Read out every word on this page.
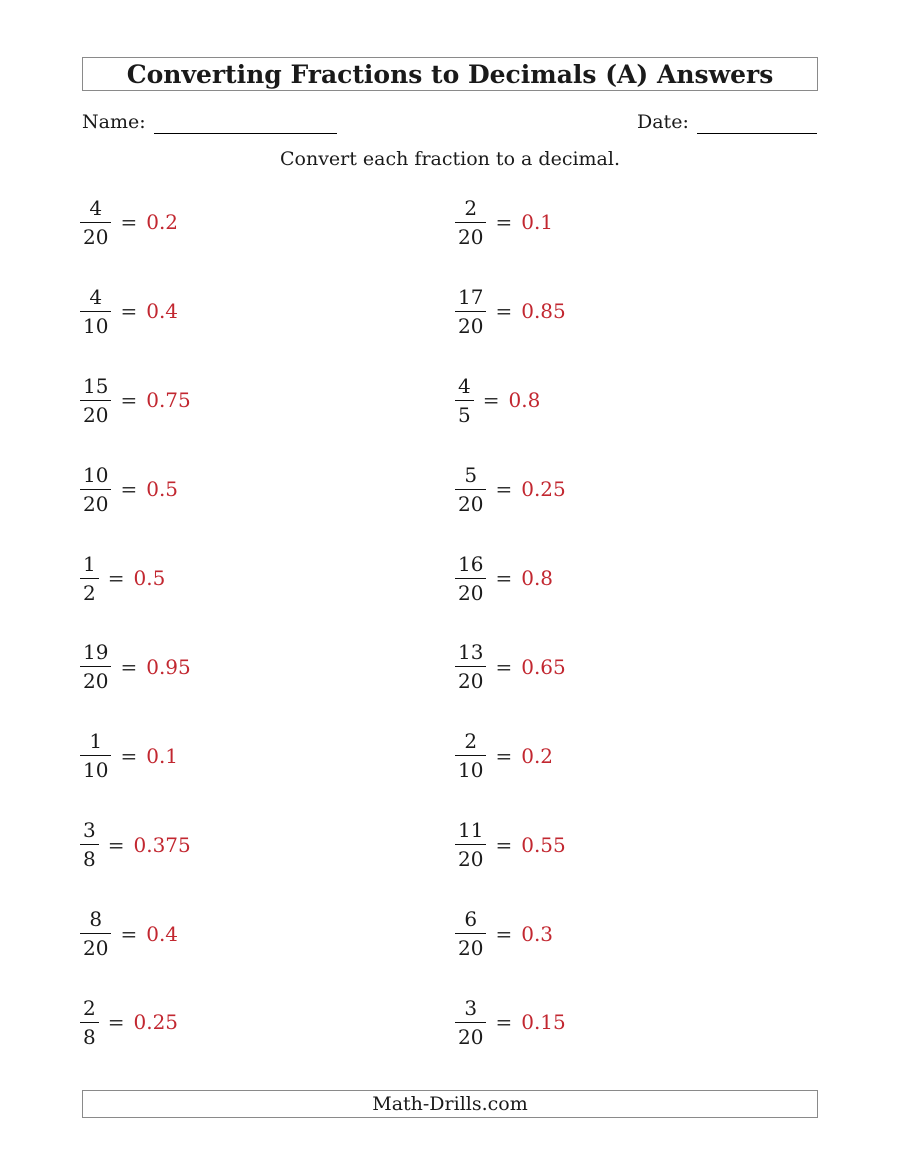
Converting Fractions to Decimals (A) Answers
Name:	Date:
Convert each fraction to a decimal.
$\frac{4}{20} = 0.2$	$\frac{2}{20} = 0.1$
$\frac{4}{10} = 0.4$	$\frac{17}{20} = 0.85$
$\frac{15}{20} = 0.75$	$\frac{4}{5} = 0.8$
$\frac{10}{20} = 0.5$	$\frac{5}{20} = 0.25$
$\frac{1}{2} = 0.5$	$\frac{16}{20} = 0.8$
$\frac{19}{20} = 0.95$	$\frac{13}{20} = 0.65$
$\frac{1}{10} = 0.1$	$\frac{2}{10} = 0.2$
$\frac{3}{8} = 0.375$	$\frac{11}{20} = 0.55$
$\frac{8}{20} = 0.4$	$\frac{6}{20} = 0.3$
$\frac{2}{8} = 0.25$	$\frac{3}{20} = 0.15$
Math-Drills.com
